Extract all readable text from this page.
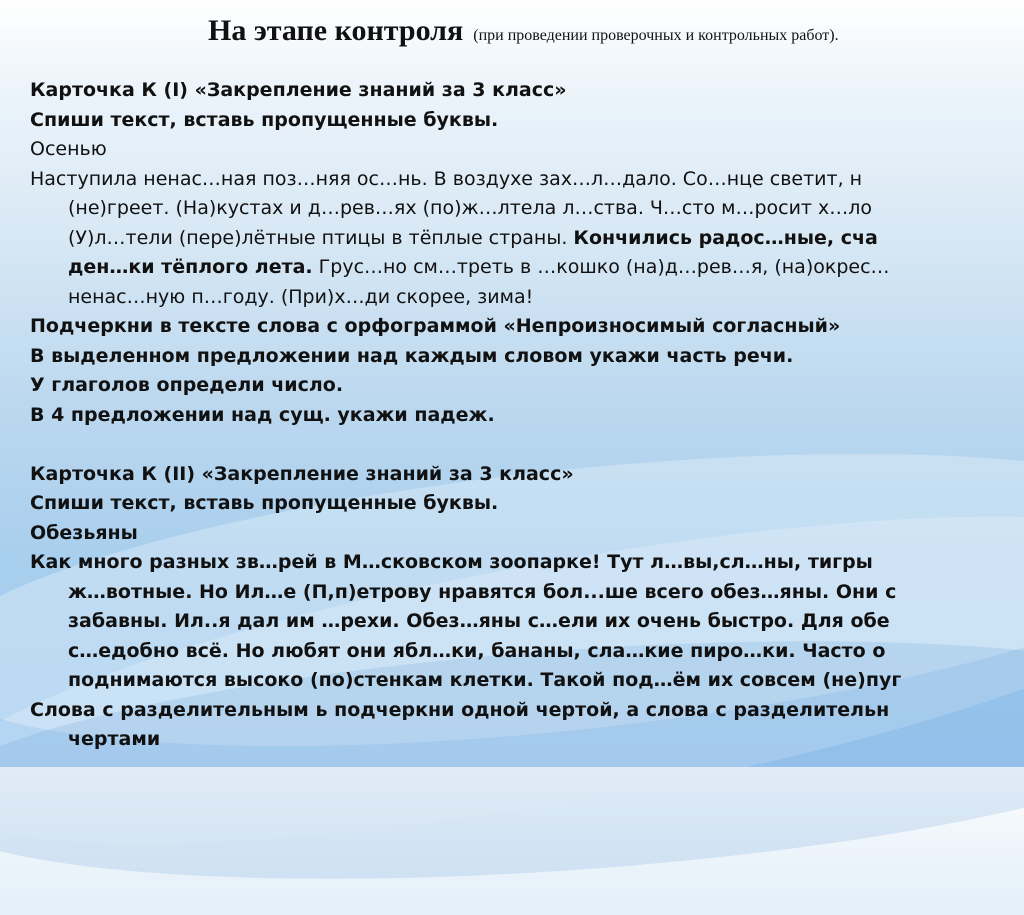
На этапе контроля (при проведении проверочных и контрольных работ).
Карточка К (I) «Закрепление знаний за 3 класс»
Спиши текст, вставь пропущенные буквы.
Осенью
Наступила ненас…ная поз…няя ос…нь. В воздухе зах…л…дало. Со…нце светит, н
(не)греет. (На)кустах и д…рев…ях (по)ж…лтела л…ства. Ч…сто м…росит х…ло
(У)л…тели (пере)лётные птицы в тёплые страны. Кончились радос…ные, сча
ден…ки тёплого лета. Грус…но см…треть в …кошко (на)д…рев…я, (на)окрес…
ненас…ную п…году. (При)х…ди скорее, зима!
Подчеркни в тексте слова с орфограммой «Непроизносимый согласный»
В выделенном предложении над каждым словом укажи часть речи.
У глаголов определи число.
В 4 предложении над сущ. укажи падеж.
Карточка К (II) «Закрепление знаний за 3 класс»
Спиши текст, вставь пропущенные буквы.
Обезьяны
Как много разных зв…рей в М…сковском зоопарке! Тут л…вы,сл…ны, тигры
ж…вотные. Но Ил…е (П,п)етрову нравятся бол...ше всего обез…яны. Они с
забавны. Ил..я дал им …рехи. Обез…яны с…ели их очень быстро. Для обе
с…едобно всё. Но любят они ябл…ки, бананы, сла…кие пиро…ки. Часто о
поднимаются высоко (по)стенкам клетки. Такой под…ём их совсем (не)пуг
Слова с разделительным ь подчеркни одной чертой, а слова с разделительн
чертами
